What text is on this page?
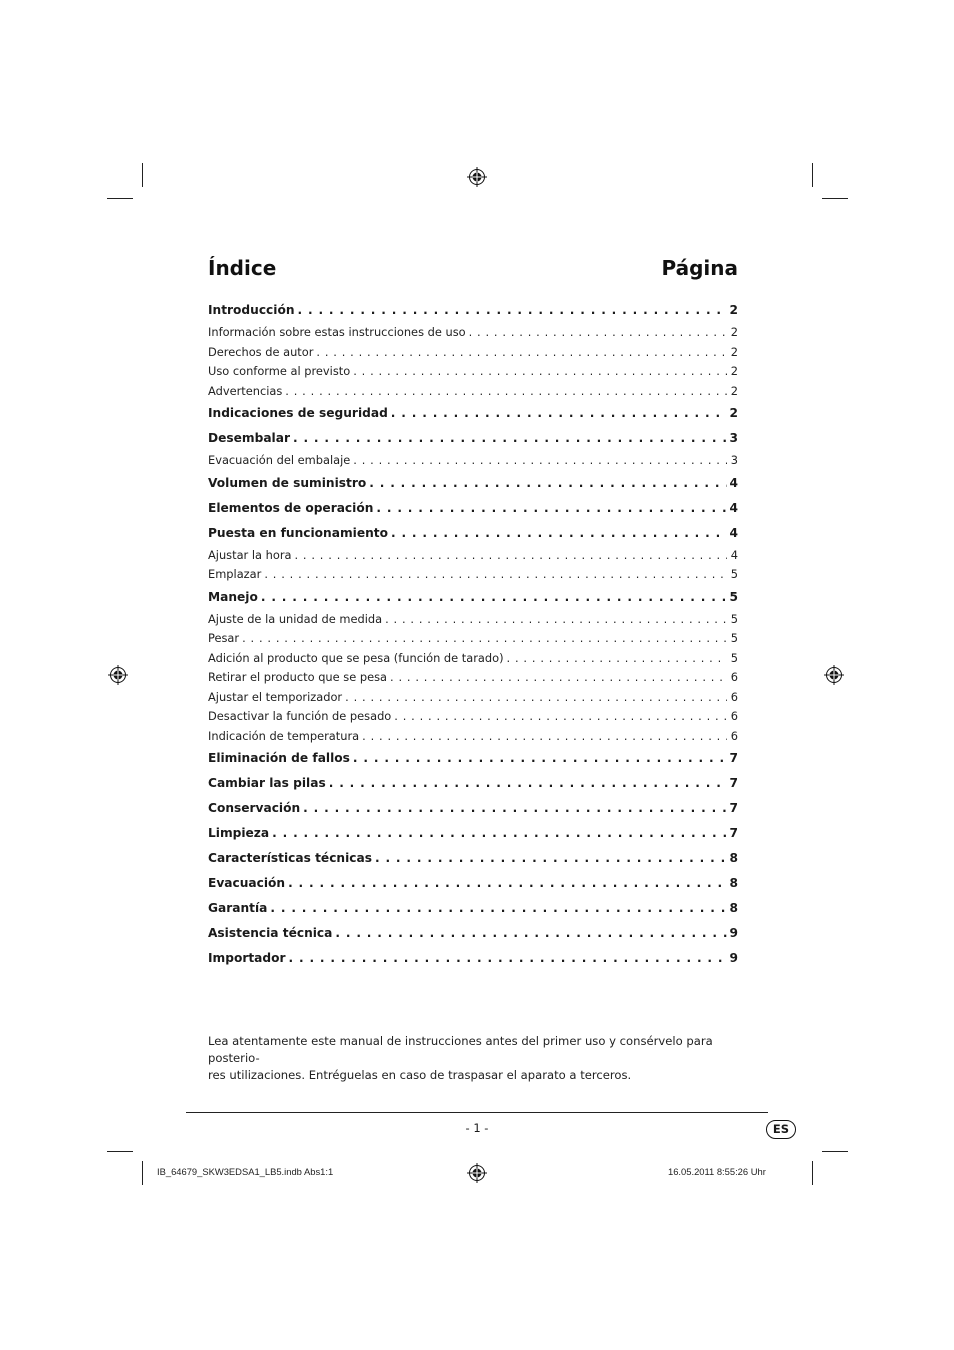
Índice	Página
Introducción . . .	2
Información sobre estas instrucciones de uso . . .	2
Derechos de autor . . .	2
Uso conforme al previsto . . .	2
Advertencias . . .	2
Indicaciones de seguridad . . .	2
Desembalar . . .	3
Evacuación del embalaje . . .	3
Volumen de suministro . . .	4
Elementos de operación . . .	4
Puesta en funcionamiento . . .	4
Ajustar la hora . . .	4
Emplazar . . .	5
Manejo . . .	5
Ajuste de la unidad de medida . . .	5
Pesar . . .	5
Adición al producto que se pesa (función de tarado) . . .	5
Retirar el producto que se pesa . . .	6
Ajustar el temporizador . . .	6
Desactivar la función de pesado . . .	6
Indicación de temperatura . . .	6
Eliminación de fallos . . .	7
Cambiar las pilas . . .	7
Conservación . . .	7
Limpieza . . .	7
Características técnicas . . .	8
Evacuación . . .	8
Garantía . . .	8
Asistencia técnica . . .	9
Importador . . .	9
Lea atentamente este manual de instrucciones antes del primer uso y consérvelo para posterio-
res utilizaciones. Entréguelas en caso de traspasar el aparato a terceros.
- 1 -	ES
IB_64679_SKW3EDSA1_LB5.indb Abs1:1	16.05.2011 8:55:26 Uhr
